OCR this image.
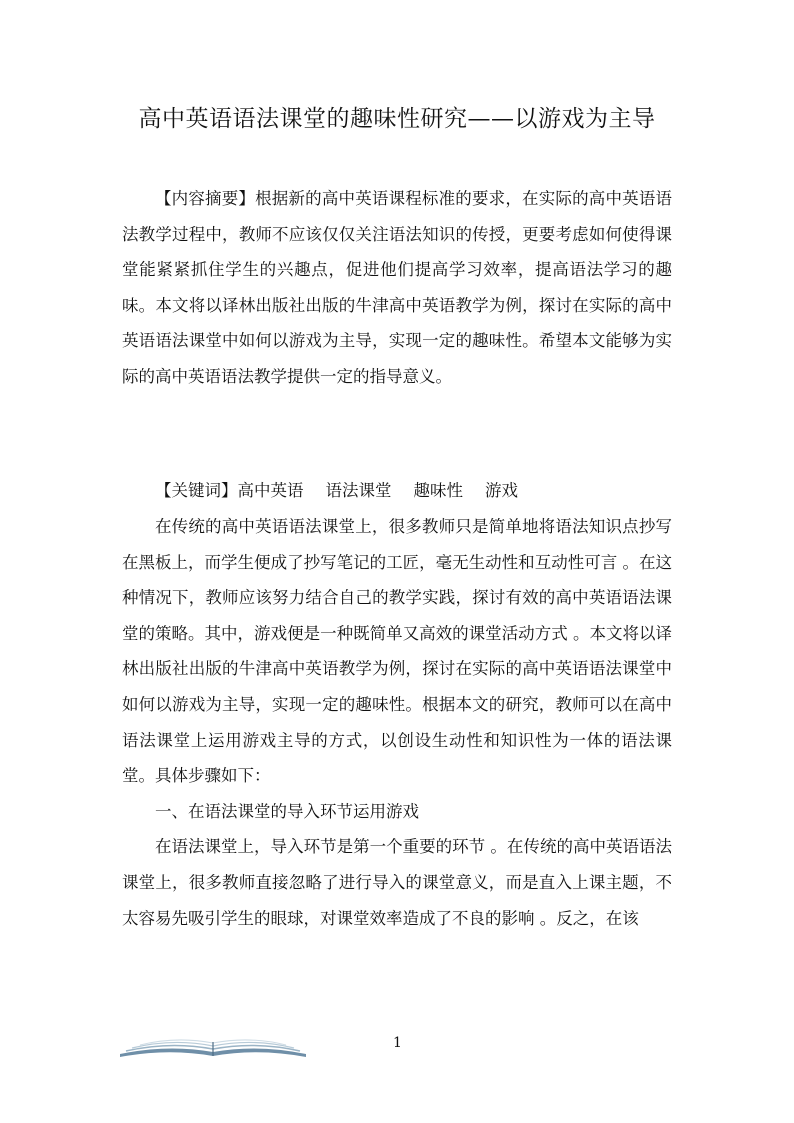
高中英语语法课堂的趣味性研究——以游戏为主导

【内容摘要】根据新的高中英语课程标准的要求，在实际的高中英语语法教学过程中，教师不应该仅仅关注语法知识的传授，更要考虑如何使得课堂能紧紧抓住学生的兴趣点，促进他们提高学习效率，提高语法学习的趣味。本文将以译林出版社出版的牛津高中英语教学为例，探讨在实际的高中英语语法课堂中如何以游戏为主导，实现一定的趣味性。希望本文能够为实际的高中英语语法教学提供一定的指导意义。

【关键词】高中英语 语法课堂 趣味性 游戏

在传统的高中英语语法课堂上，很多教师只是简单地将语法知识点抄写在黑板上，而学生便成了抄写笔记的工匠，毫无生动性和互动性可言 。在这种情况下，教师应该努力结合自己的教学实践，探讨有效的高中英语语法课堂的策略。其中，游戏便是一种既简单又高效的课堂活动方式 。本文将以译林出版社出版的牛津高中英语教学为例，探讨在实际的高中英语语法课堂中如何以游戏为主导，实现一定的趣味性。根据本文的研究，教师可以在高中语法课堂上运用游戏主导的方式，以创设生动性和知识性为一体的语法课堂。具体步骤如下：

一、在语法课堂的导入环节运用游戏

在语法课堂上，导入环节是第一个重要的环节 。在传统的高中英语语法课堂上，很多教师直接忽略了进行导入的课堂意义，而是直入上课主题，不太容易先吸引学生的眼球，对课堂效率造成了不良的影响 。反之，在该

1
